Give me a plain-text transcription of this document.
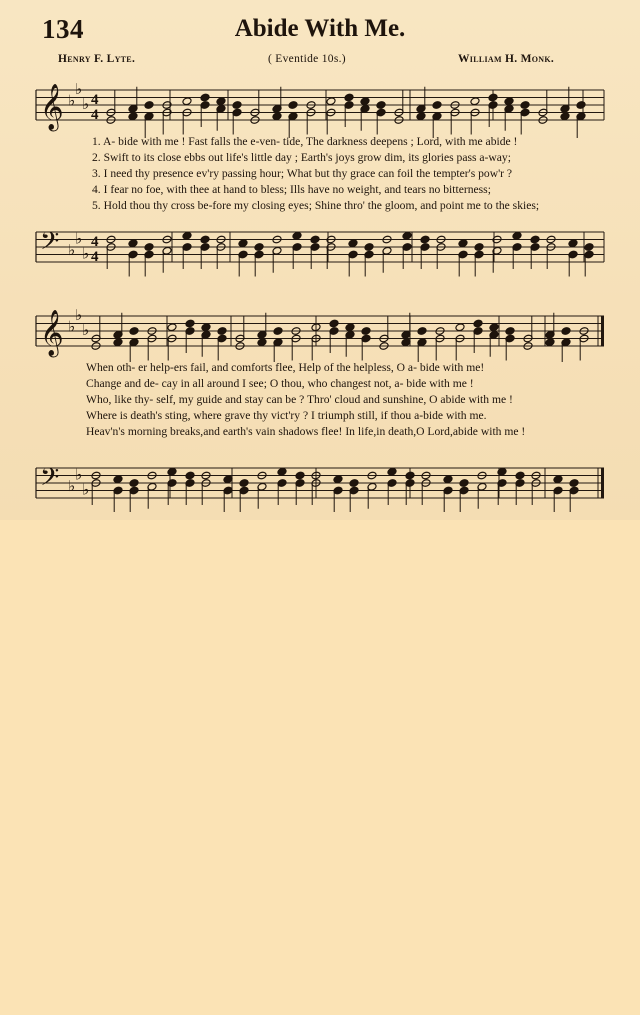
134	Abide With Me.
Henry F. Lyte.	( Eventide 10s.)	William H. Monk.
𝄞 ♭
♭
♭ 4
4
𝄢 ♭
♭
♭
4
4
𝄞 ♭
♭
♭
𝄢 ♭
♭
♭
1. A- bide with me ! Fast falls the e-ven- tide, The darkness deepens ; Lord, with me abide !
2. Swift to its close ebbs out life's little day ; Earth's joys grow dim, its glories pass a-way;
3. I need thy presence ev'ry passing hour; What but thy grace can foil the tempter's pow'r ?
4. I fear no foe, with thee at hand to bless; Ills have no weight, and tears no bitterness;
5. Hold thou thy cross be-fore my closing eyes; Shine thro' the gloom, and point me to the skies;
When oth- er help-ers fail, and comforts flee, Help of the helpless, O a- bide with me!
Change and de- cay in all around I see; O thou, who changest not, a- bide with me !
Who, like thy- self, my guide and stay can be ? Thro' cloud and sunshine, O abide with me !
Where is death's sting, where grave thy vict'ry ? I triumph still, if thou a-bide with me.
Heav'n's morning breaks,and earth's vain shadows flee! In life,in death,O Lord,abide with me !
